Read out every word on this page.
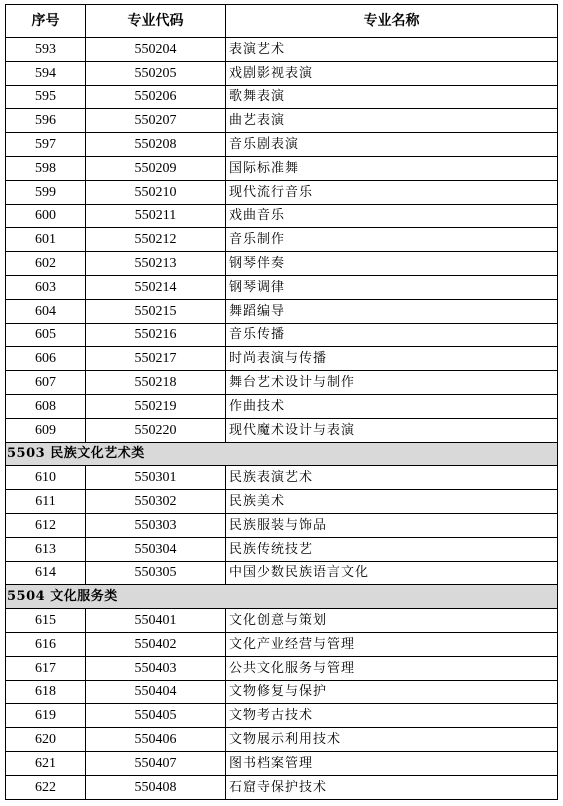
序号	专业代码	专业名称
593	550204	表演艺术
594	550205	戏剧影视表演
595	550206	歌舞表演
596	550207	曲艺表演
597	550208	音乐剧表演
598	550209	国际标准舞
599	550210	现代流行音乐
600	550211	戏曲音乐
601	550212	音乐制作
602	550213	钢琴伴奏
603	550214	钢琴调律
604	550215	舞蹈编导
605	550216	音乐传播
606	550217	时尚表演与传播
607	550218	舞台艺术设计与制作
608	550219	作曲技术
609	550220	现代魔术设计与表演
5503 民族文化艺术类		
610	550301	民族表演艺术
611	550302	民族美术
612	550303	民族服装与饰品
613	550304	民族传统技艺
614	550305	中国少数民族语言文化
5504 文化服务类		
615	550401	文化创意与策划
616	550402	文化产业经营与管理
617	550403	公共文化服务与管理
618	550404	文物修复与保护
619	550405	文物考古技术
620	550406	文物展示利用技术
621	550407	图书档案管理
622	550408	石窟寺保护技术
